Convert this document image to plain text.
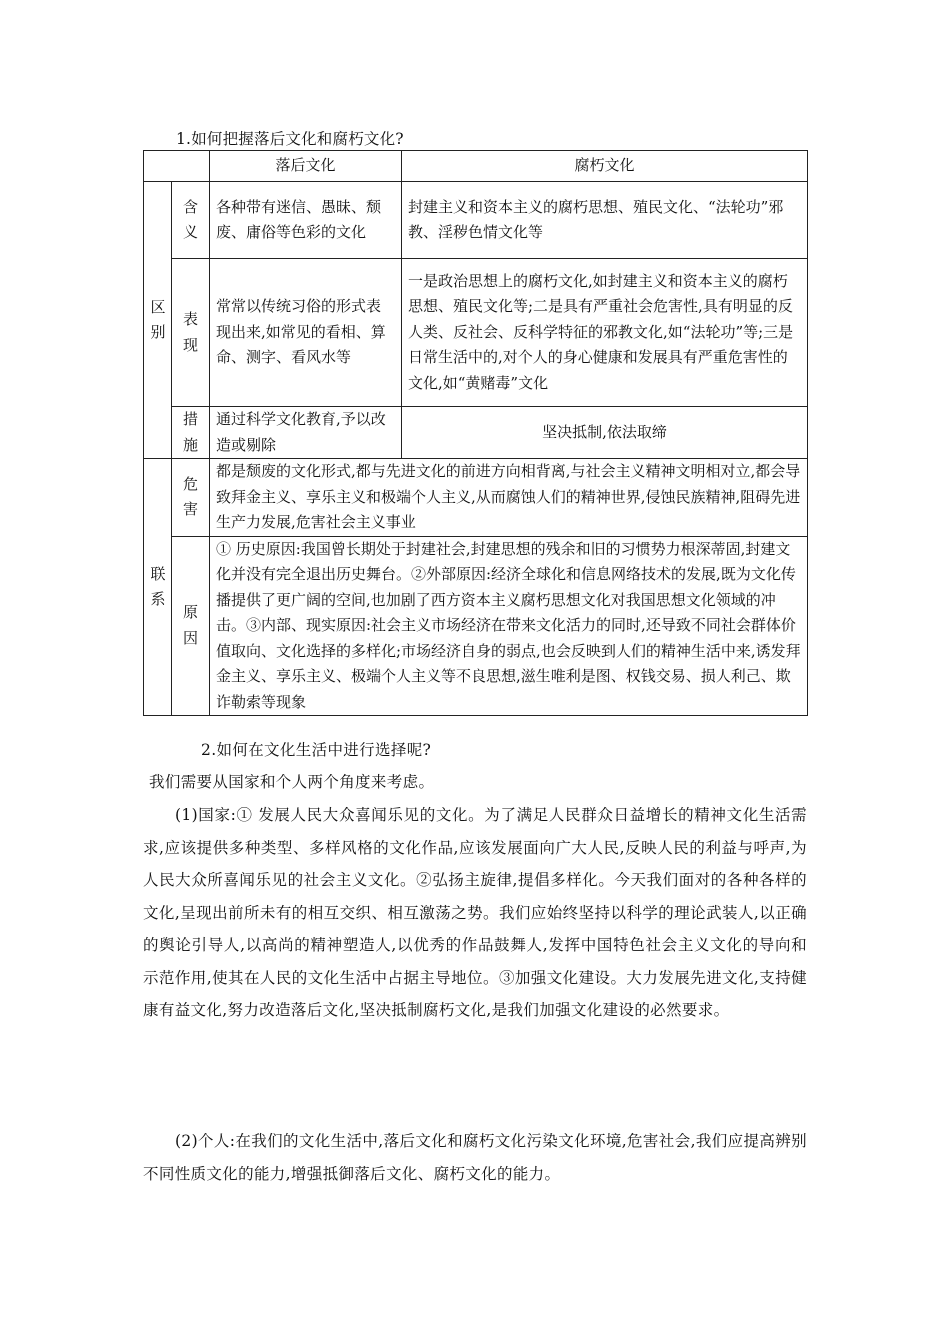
1.如何把握落后文化和腐朽文化?
		落后文化	腐朽文化
区别	含义	各种带有迷信、愚昧、颓废、庸俗等色彩的文化	封建主义和资本主义的腐朽思想、殖民文化、“法轮功”邪教、淫秽色情文化等
	表现	常常以传统习俗的形式表现出来,如常见的看相、算命、测字、看风水等	一是政治思想上的腐朽文化,如封建主义和资本主义的腐朽思想、殖民文化等;二是具有严重社会危害性,具有明显的反人类、反社会、反科学特征的邪教文化,如“法轮功”等;三是日常生活中的,对个人的身心健康和发展具有严重危害性的文化,如“黄赌毒”文化
	措施	通过科学文化教育,予以改造或剔除	坚决抵制,依法取缔
联系	危害	都是颓废的文化形式,都与先进文化的前进方向相背离,与社会主义精神文明相对立,都会导致拜金主义、享乐主义和极端个人主义,从而腐蚀人们的精神世界,侵蚀民族精神,阻碍先进生产力发展,危害社会主义事业	
	原因	① 历史原因:我国曾长期处于封建社会,封建思想的残余和旧的习惯势力根深蒂固,封建文化并没有完全退出历史舞台。②外部原因:经济全球化和信息网络技术的发展,既为文化传播提供了更广阔的空间,也加剧了西方资本主义腐朽思想文化对我国思想文化领域的冲击。③内部、现实原因:社会主义市场经济在带来文化活力的同时,还导致不同社会群体价值取向、文化选择的多样化;市场经济自身的弱点,也会反映到人们的精神生活中来,诱发拜金主义、享乐主义、极端个人主义等不良思想,滋生唯利是图、权钱交易、损人利己、欺诈勒索等现象	
2.如何在文化生活中进行选择呢?
我们需要从国家和个人两个角度来考虑。
(1)国家:① 发展人民大众喜闻乐见的文化。为了满足人民群众日益增长的精神文化生活需求,应该提供多种类型、多样风格的文化作品,应该发展面向广大人民,反映人民的利益与呼声,为人民大众所喜闻乐见的社会主义文化。②弘扬主旋律,提倡多样化。今天我们面对的各种各样的文化,呈现出前所未有的相互交织、相互激荡之势。我们应始终坚持以科学的理论武装人,以正确的舆论引导人,以高尚的精神塑造人,以优秀的作品鼓舞人,发挥中国特色社会主义文化的导向和示范作用,使其在人民的文化生活中占据主导地位。③加强文化建设。大力发展先进文化,支持健康有益文化,努力改造落后文化,坚决抵制腐朽文化,是我们加强文化建设的必然要求。
(2)个人:在我们的文化生活中,落后文化和腐朽文化污染文化环境,危害社会,我们应提高辨别不同性质文化的能力,增强抵御落后文化、腐朽文化的能力。
